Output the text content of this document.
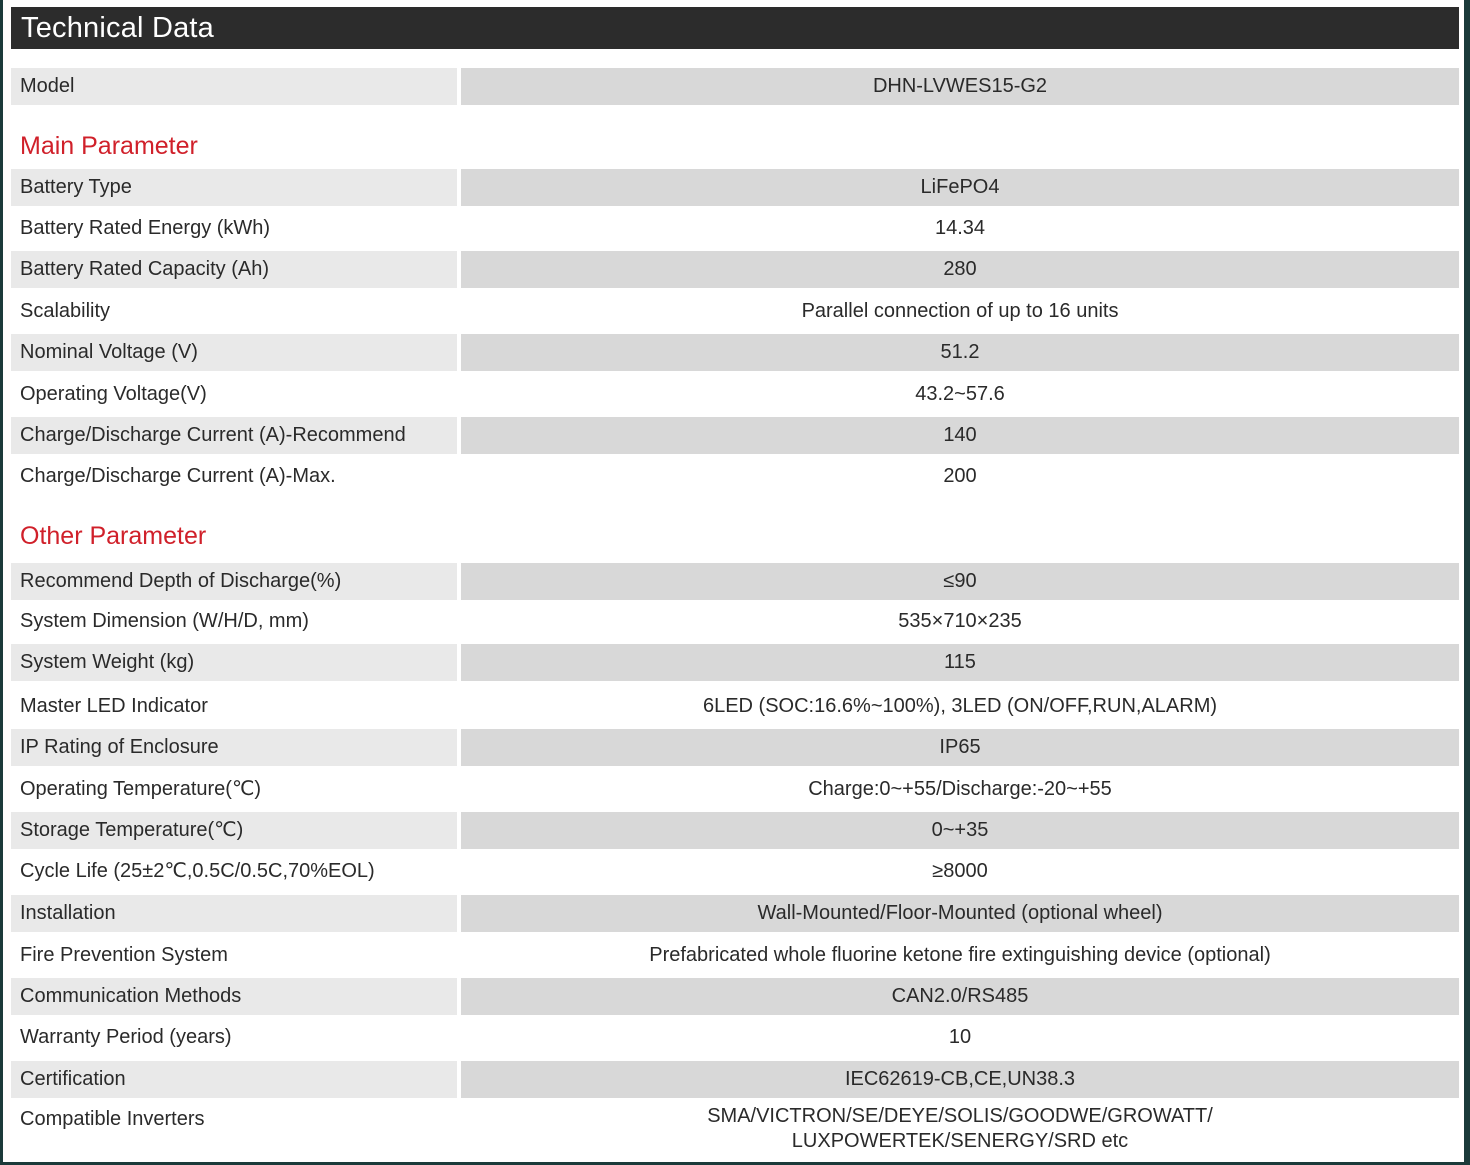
Technical Data
Model	DHN-LVWES15-G2
Main Parameter
Battery Type	LiFePO4
Battery Rated Energy (kWh)	14.34
Battery Rated Capacity (Ah)	280
Scalability	Parallel connection of up to 16 units
Nominal Voltage (V)	51.2
Operating Voltage(V)	43.2~57.6
Charge/Discharge Current (A)-Recommend	140
Charge/Discharge Current (A)-Max.	200
Other Parameter
Recommend Depth of Discharge(%)	≤90
System Dimension (W/H/D, mm)	535×710×235
System Weight (kg)	115
Master LED Indicator	6LED (SOC:16.6%~100%), 3LED (ON/OFF,RUN,ALARM)
IP Rating of Enclosure	IP65
Operating Temperature(℃)	Charge:0~+55/Discharge:-20~+55
Storage Temperature(℃)	0~+35
Cycle Life (25±2℃,0.5C/0.5C,70%EOL)	≥8000
Installation	Wall-Mounted/Floor-Mounted (optional wheel)
Fire Prevention System	Prefabricated whole fluorine ketone fire extinguishing device (optional)
Communication Methods	CAN2.0/RS485
Warranty Period (years)	10
Certification	IEC62619-CB,CE,UN38.3
Compatible Inverters	SMA/VICTRON/SE/DEYE/SOLIS/GOODWE/GROWATT/
LUXPOWERTEK/SENERGY/SRD etc
